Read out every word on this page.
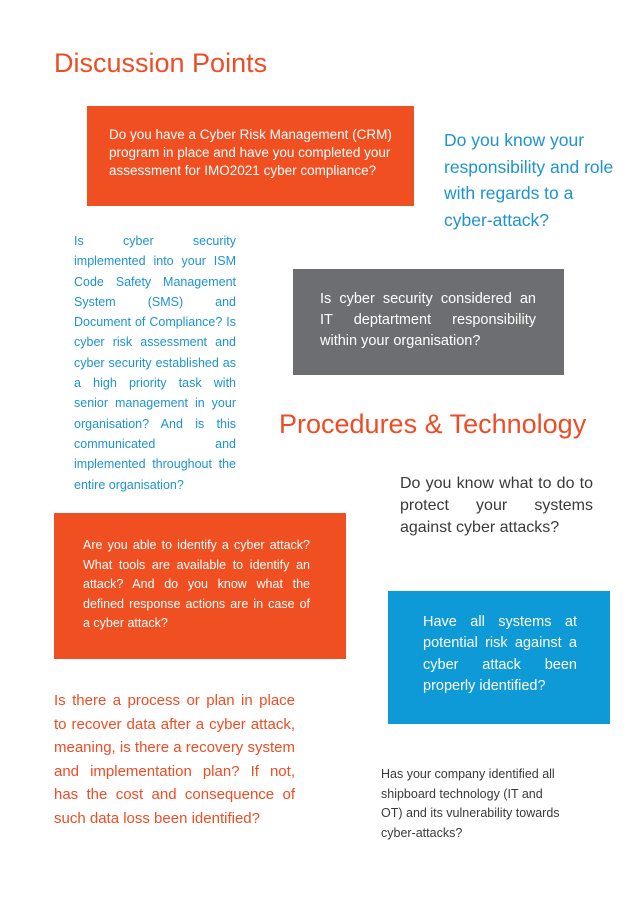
Discussion Points
Do you have a Cyber Risk Management (CRM) program in place and have you completed your assessment for IMO2021 cyber compliance?
Do you know your responsibility and role with regards to a cyber-attack?
Is cyber security implemented into your ISM Code Safety Management System (SMS) and Document of Compliance? Is cyber risk assessment and cyber security established as a high priority task with senior management in your organisation? And is this communicated and implemented throughout the entire organisation?
Is cyber security considered an IT deptartment responsibility within your organisation?
Procedures & Technology
Do you know what to do to protect your systems against cyber attacks?
Are you able to identify a cyber attack? What tools are available to identify an attack? And do you know what the defined response actions are in case of a cyber attack?	Have all systems at potential risk against a cyber attack been properly identified?
Is there a process or plan in place to recover data after a cyber attack, meaning, is there a recovery system and implementation plan? If not, has the cost and consequence of such data loss been identified?
Has your company identified all shipboard technology (IT and OT) and its vulnerability towards cyber-attacks?
